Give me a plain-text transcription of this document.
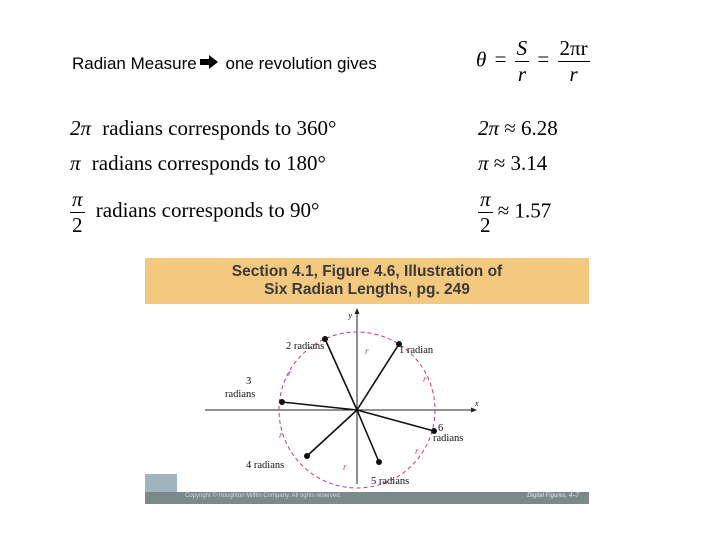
Radian Measure one revolution gives	$\theta = \frac{S}{r} = \frac{2\pi r}{r}$
2π radians corresponds to 360°	2π ≈ 6.28
π radians corresponds to 180°	π ≈ 3.14
$\frac{\pi}{2}$ radians corresponds to 90°	$\frac{\pi}{2} \approx 1.57$
Section 4.1, Figure 4.6, Illustration of
Six Radian Lengths, pg. 249
y
x
r
r
r
r
r
r
1 radian
2 radians
3
radians
4 radians
5 radians
6
radians
Copyright © Houghton Mifflin Company. All rights reserved.	Digital Figures, 4–7
